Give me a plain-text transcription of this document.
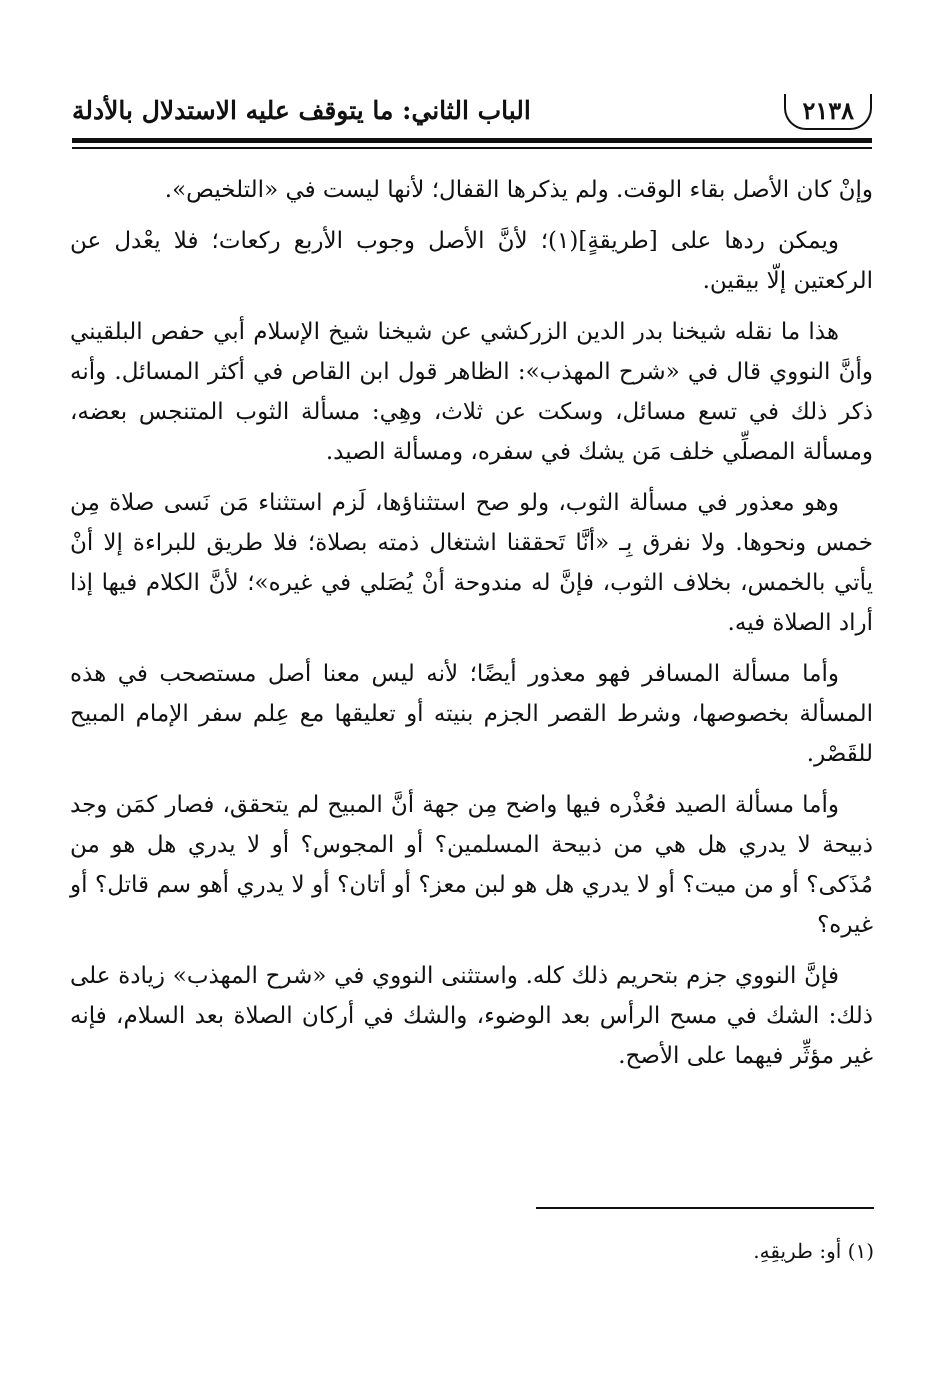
٢١٣٨
الباب الثاني: ما يتوقف عليه الاستدلال بالأدلة

وإنْ كان الأصل بقاء الوقت. ولم يذكرها القفال؛ لأنها ليست في «التلخيص».

ويمكن ردها على [طريقةٍ](١)؛ لأنَّ الأصل وجوب الأربع ركعات؛ فلا يعْدل عن الركعتين إلّا بيقين.

هذا ما نقله شيخنا بدر الدين الزركشي عن شيخنا شيخ الإسلام أبي حفص البلقيني وأنَّ النووي قال في «شرح المهذب»: الظاهر قول ابن القاص في أكثر المسائل. وأنه ذكر ذلك في تسع مسائل، وسكت عن ثلاث، وهِي: مسألة الثوب المتنجس بعضه، ومسألة المصلِّي خلف مَن يشك في سفره، ومسألة الصيد.

وهو معذور في مسألة الثوب، ولو صح استثناؤها، لَزم استثناء مَن نَسى صلاة مِن خمس ونحوها. ولا نفرق بِـ «أنَّا تَحققنا اشتغال ذمته بصلاة؛ فلا طريق للبراءة إلا أنْ يأتي بالخمس، بخلاف الثوب، فإنَّ له مندوحة أنْ يُصَلي في غيره»؛ لأنَّ الكلام فيها إذا أراد الصلاة فيه.

وأما مسألة المسافر فهو معذور أيضًا؛ لأنه ليس معنا أصل مستصحب في هذه المسألة بخصوصها، وشرط القصر الجزم بنيته أو تعليقها مع عِلم سفر الإمام المبيح للقَصْر.

وأما مسألة الصيد فعُذْره فيها واضح مِن جهة أنَّ المبيح لم يتحقق، فصار كمَن وجد ذبيحة لا يدري هل هي من ذبيحة المسلمين؟ أو المجوس؟ أو لا يدري هل هو من مُذَكى؟ أو من ميت؟ أو لا يدري هل هو لبن معز؟ أو أتان؟ أو لا يدري أهو سم قاتل؟ أو غيره؟

فإنَّ النووي جزم بتحريم ذلك كله. واستثنى النووي في «شرح المهذب» زيادة على ذلك: الشك في مسح الرأس بعد الوضوء، والشك في أركان الصلاة بعد السلام، فإنه غير مؤثِّر فيهما على الأصح.

(١) أو: طريقِهِ.
